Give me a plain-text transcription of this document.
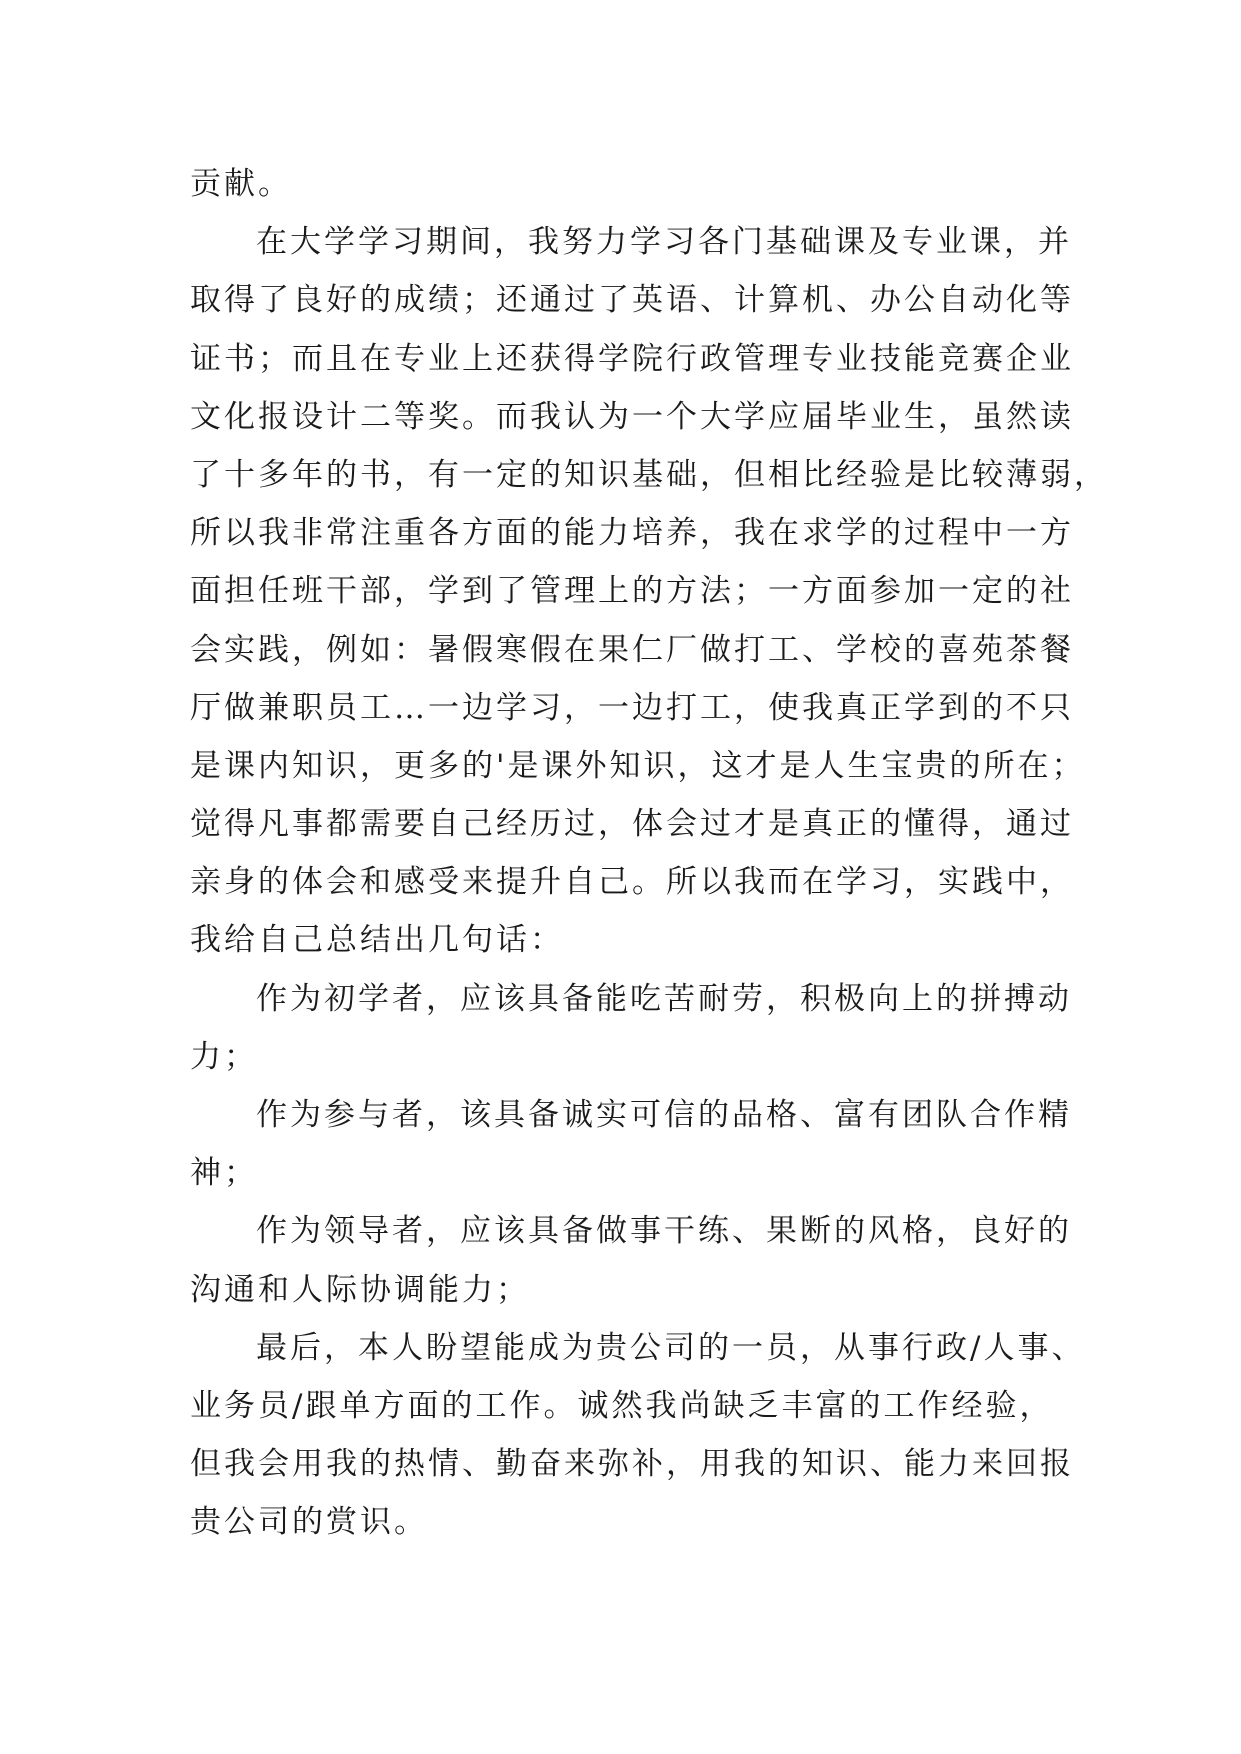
贡献。
在大学学习期间，我努力学习各门基础课及专业课，并
取得了良好的成绩；还通过了英语、计算机、办公自动化等
证书；而且在专业上还获得学院行政管理专业技能竞赛企业
文化报设计二等奖。而我认为一个大学应届毕业生，虽然读
了十多年的书，有一定的知识基础，但相比经验是比较薄弱，
所以我非常注重各方面的能力培养，我在求学的过程中一方
面担任班干部，学到了管理上的方法；一方面参加一定的社
会实践，例如：暑假寒假在果仁厂做打工、学校的喜苑茶餐
厅做兼职员工…一边学习，一边打工，使我真正学到的不只
是课内知识，更多的'是课外知识，这才是人生宝贵的所在；
觉得凡事都需要自己经历过，体会过才是真正的懂得，通过
亲身的体会和感受来提升自己。所以我而在学习，实践中，
我给自己总结出几句话：
作为初学者，应该具备能吃苦耐劳，积极向上的拼搏动
力；
作为参与者，该具备诚实可信的品格、富有团队合作精
神；
作为领导者，应该具备做事干练、果断的风格，良好的
沟通和人际协调能力；
最后，本人盼望能成为贵公司的一员，从事行政/人事、
业务员/跟单方面的工作。诚然我尚缺乏丰富的工作经验，
但我会用我的热情、勤奋来弥补，用我的知识、能力来回报
贵公司的赏识。
